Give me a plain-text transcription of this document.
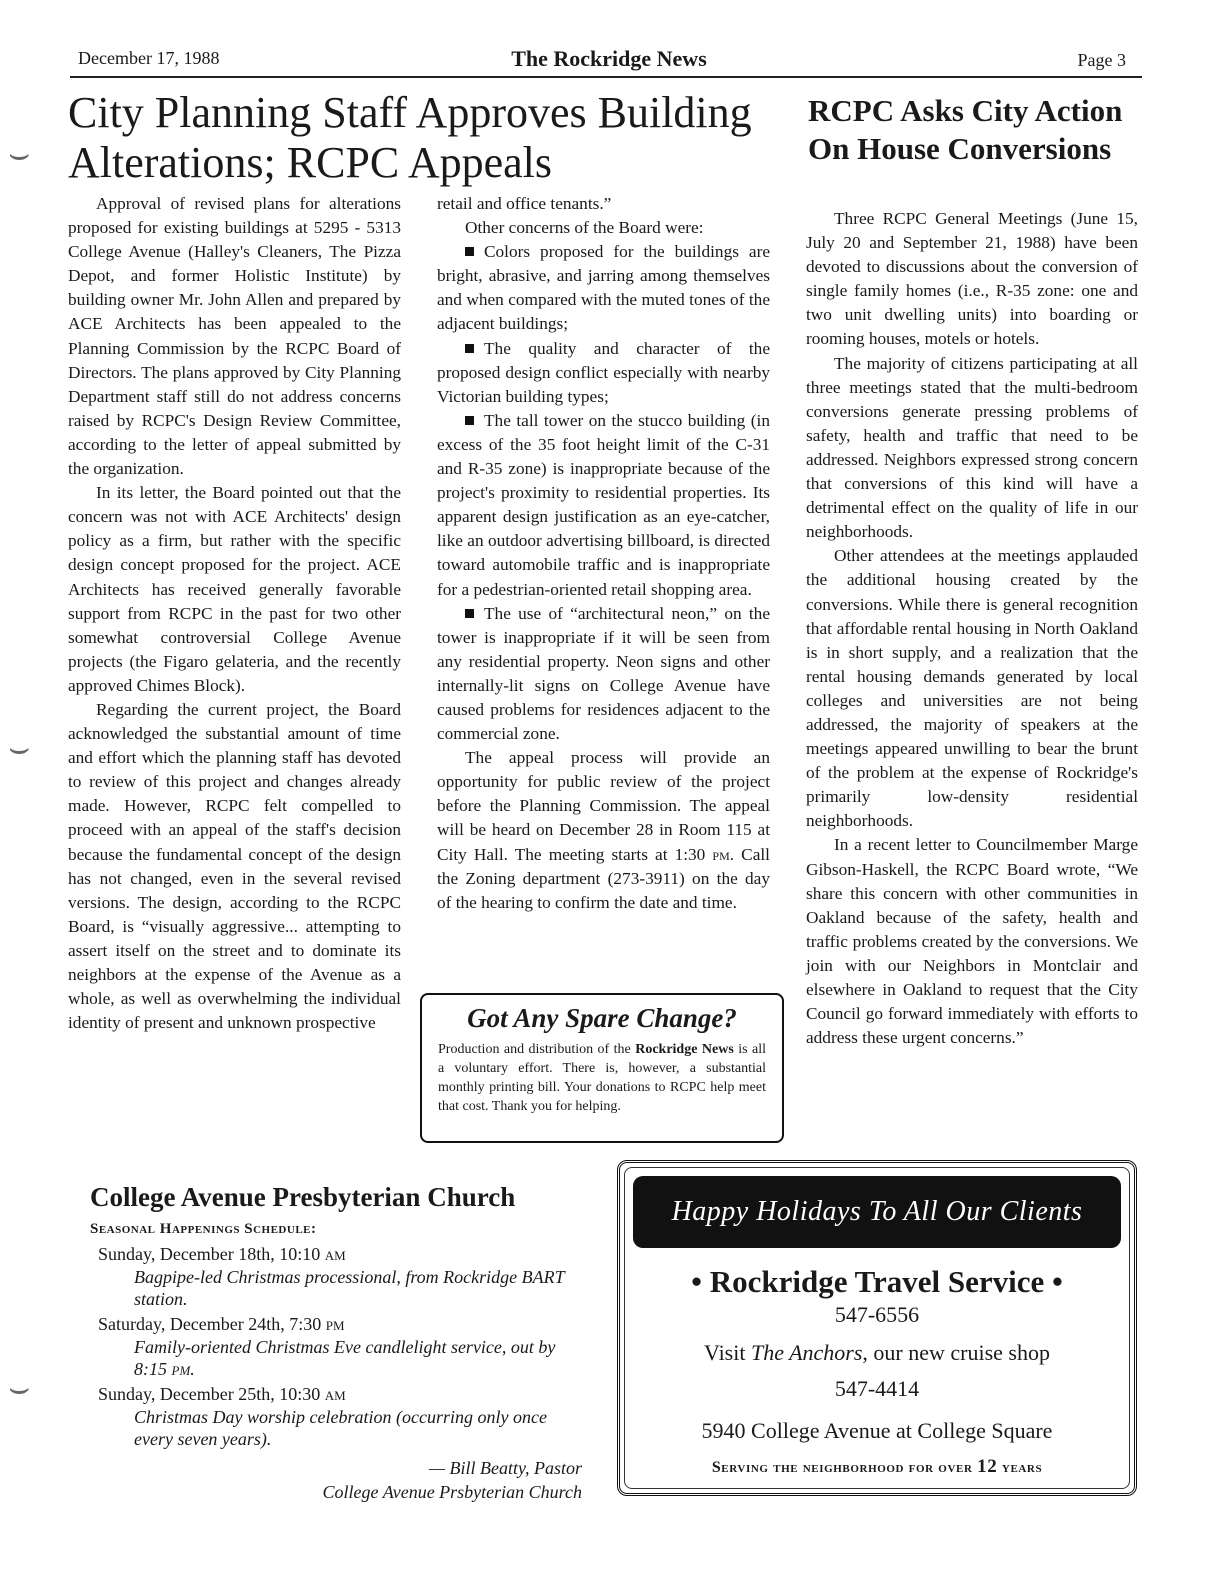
December 17, 1988	The Rockridge News	Page 3
⌣
⌣
⌣
City Planning Staff Approves Building Alterations; RCPC Appeals

Approval of revised plans for alterations proposed for existing buildings at 5295 - 5313 College Avenue (Halley's Cleaners, The Pizza Depot, and former Holistic Institute) by building owner Mr. John Allen and prepared by ACE Architects has been appealed to the Planning Commission by the RCPC Board of Directors. The plans approved by City Planning Department staff still do not address concerns raised by RCPC's Design Review Committee, according to the letter of appeal submitted by the organization.

In its letter, the Board pointed out that the concern was not with ACE Architects' design policy as a firm, but rather with the specific design concept proposed for the project. ACE Architects has received generally favorable support from RCPC in the past for two other somewhat controversial College Avenue projects (the Figaro gelateria, and the recently approved Chimes Block).

Regarding the current project, the Board acknowledged the substantial amount of time and effort which the planning staff has devoted to review of this project and changes already made. However, RCPC felt compelled to proceed with an appeal of the staff's decision because the fundamental concept of the design has not changed, even in the several revised versions. The design, according to the RCPC Board, is “visually aggressive... attempting to assert itself on the street and to dominate its neighbors at the expense of the Avenue as a whole, as well as overwhelming the individual identity of present and unknown prospective

retail and office tenants.”

Other concerns of the Board were:

Colors proposed for the buildings are bright, abrasive, and jarring among themselves and when compared with the muted tones of the adjacent buildings;

The quality and character of the proposed design conflict especially with nearby Victorian building types;

The tall tower on the stucco building (in excess of the 35 foot height limit of the C-31 and R-35 zone) is inappropriate because of the project's proximity to residential properties. Its apparent design justification as an eye-catcher, like an outdoor advertising billboard, is directed toward automobile traffic and is inappropriate for a pedestrian-oriented retail shopping area.

The use of “architectural neon,” on the tower is inappropriate if it will be seen from any residential property. Neon signs and other internally-lit signs on College Avenue have caused problems for residences adjacent to the commercial zone.

The appeal process will provide an opportunity for public review of the project before the Planning Commission. The appeal will be heard on December 28 in Room 115 at City Hall. The meeting starts at 1:30 pm. Call the Zoning department (273-3911) on the day of the hearing to confirm the date and time.

Got Any Spare Change?
Production and distribution of the Rockridge News is all a voluntary effort. There is, however, a substantial monthly printing bill. Your donations to RCPC help meet that cost. Thank you for helping.
RCPC Asks City Action On House Conversions

Three RCPC General Meetings (June 15, July 20 and September 21, 1988) have been devoted to discussions about the conversion of single family homes (i.e., R-35 zone: one and two unit dwelling units) into boarding or rooming houses, motels or hotels.

The majority of citizens participating at all three meetings stated that the multi-bedroom conversions generate pressing problems of safety, health and traffic that need to be addressed. Neighbors expressed strong concern that conversions of this kind will have a detrimental effect on the quality of life in our neighborhoods.

Other attendees at the meetings applauded the additional housing created by the conversions. While there is general recognition that affordable rental housing in North Oakland is in short supply, and a realization that the rental housing demands generated by local colleges and universities are not being addressed, the majority of speakers at the meetings appeared unwilling to bear the brunt of the problem at the expense of Rockridge's primarily low-density residential neighborhoods.

In a recent letter to Councilmember Marge Gibson-Haskell, the RCPC Board wrote, “We share this concern with other communities in Oakland because of the safety, health and traffic problems created by the conversions. We join with our Neighbors in Montclair and elsewhere in Oakland to request that the City Council go forward immediately with efforts to address these urgent concerns.”

College Avenue Presbyterian Church
Seasonal Happenings Schedule:
Sunday, December 18th, 10:10 am
Bagpipe-led Christmas processional, from Rockridge BART station.
Saturday, December 24th, 7:30 pm
Family-oriented Christmas Eve candlelight service, out by 8:15 pm.
Sunday, December 25th, 10:30 am
Christmas Day worship celebration (occurring only once every seven years).
— Bill Beatty, Pastor
College Avenue Prsbyterian Church
Happy Holidays To All Our Clients
• Rockridge Travel Service •
547-6556
Visit The Anchors, our new cruise shop
547-4414
5940 College Avenue at College Square
Serving the neighborhood for over 12 years
